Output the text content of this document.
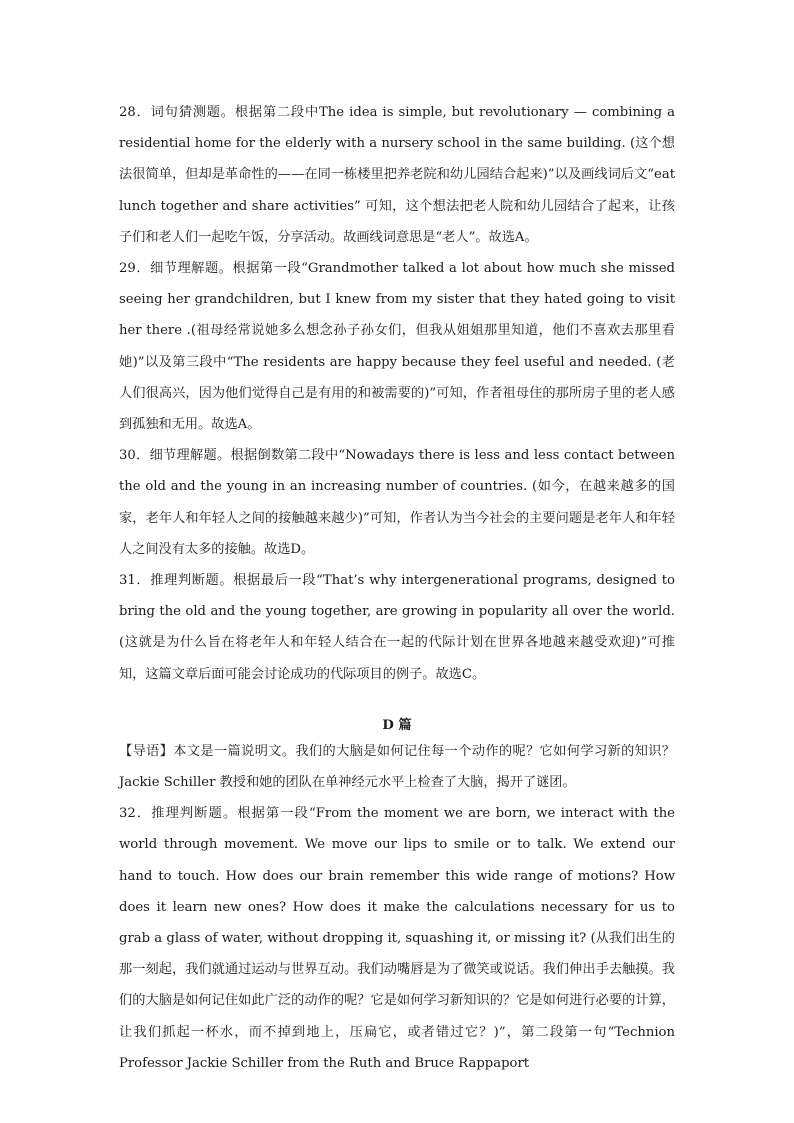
28．词句猜测题。根据第二段中The idea is simple, but revolutionary — combining a residential home for the elderly with a nursery school in the same building. (这个想法很简单，但却是革命性的——在同一栋楼里把养老院和幼儿园结合起来)”以及画线词后文“eat lunch together and share activities” 可知，这个想法把老人院和幼儿园结合了起来，让孩子们和老人们一起吃午饭，分享活动。故画线词意思是“老人”。故选A。

29．细节理解题。根据第一段“Grandmother talked a lot about how much she missed seeing her grandchildren, but I knew from my sister that they hated going to visit her there .(祖母经常说她多么想念孙子孙女们，但我从姐姐那里知道，他们不喜欢去那里看她)”以及第三段中“The residents are happy because they feel useful and needed. (老人们很高兴，因为他们觉得自己是有用的和被需要的)”可知，作者祖母住的那所房子里的老人感到孤独和无用。故选A。

30．细节理解题。根据倒数第二段中“Nowadays there is less and less contact between the old and the young in an increasing number of countries. (如今，在越来越多的国家，老年人和年轻人之间的接触越来越少)”可知，作者认为当今社会的主要问题是老年人和年轻人之间没有太多的接触。故选D。

31．推理判断题。根据最后一段“That’s why intergenerational programs, designed to bring the old and the young together, are growing in popularity all over the world. (这就是为什么旨在将老年人和年轻人结合在一起的代际计划在世界各地越来越受欢迎)”可推知，这篇文章后面可能会讨论成功的代际项目的例子。故选C。

D 篇

【导语】本文是一篇说明文。我们的大脑是如何记住每一个动作的呢？它如何学习新的知识？Jackie Schiller 教授和她的团队在单神经元水平上检查了大脑，揭开了谜团。

32．推理判断题。根据第一段“From the moment we are born, we interact with the world through movement. We move our lips to smile or to talk. We extend our hand to touch. How does our brain remember this wide range of motions? How does it learn new ones? How does it make the calculations necessary for us to grab a glass of water, without dropping it, squashing it, or missing it? (从我们出生的那一刻起，我们就通过运动与世界互动。我们动嘴唇是为了微笑或说话。我们伸出手去触摸。我们的大脑是如何记住如此广泛的动作的呢？它是如何学习新知识的？它是如何进行必要的计算，让我们抓起一杯水，而不掉到地上，压扁它，或者错过它？)”，第二段第一句“Technion Professor Jackie Schiller from the Ruth and Bruce Rappaport
